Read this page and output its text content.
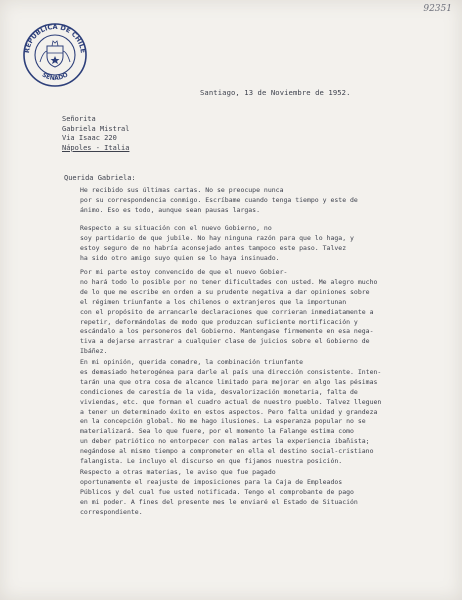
92351
REPUBLICA DE CHILE
SENADO
Santiago, 13 de Noviembre de 1952.
Señorita
Gabriela Mistral
Via Isaac 220
Nápoles - Italia
Querida Gabriela:
He recibido sus últimas cartas. No se preocupe nunca
por su correspondencia conmigo. Escríbame cuando tenga tiempo y este de
ánimo. Eso es todo, aunque sean pausas largas.
Respecto a su situación con el nuevo Gobierno, no
soy partidario de que jubile. No hay ninguna razón para que lo haga, y
estoy seguro de no habría aconsejado antes tampoco este paso. Talvez
ha sido otro amigo suyo quien se lo haya insinuado.
Por mi parte estoy convencido de que el nuevo Gobier-
no hará todo lo posible por no tener dificultades con usted. Me alegro mucho
de lo que me escribe en orden a su prudente negativa a dar opiniones sobre
el régimen triunfante a los chilenos o extranjeros que la importunan
con el propósito de arrancarle declaraciones que corrieran inmediatamente a
repetir, deformándolas de modo que produzcan suficiente mortificación y
escándalo a los personeros del Gobierno. Mantengase firmemente en esa nega-
tiva a dejarse arrastrar a cualquier clase de juicios sobre el Gobierno de
Ibáñez.
En mi opinión, querida comadre, la combinación triunfante
es demasiado heterogénea para darle al país una dirección consistente. Inten-
tarán una que otra cosa de alcance limitado para mejorar en algo las pésimas
condiciones de carestía de la vida, desvalorización monetaria, falta de
viviendas, etc. que forman el cuadro actual de nuestro pueblo. Talvez lleguen
a tener un determinado éxito en estos aspectos. Pero falta unidad y grandeza
en la concepción global. No me hago ilusiones. La esperanza popular no se
materializará. Sea lo que fuere, por el momento la Falange estima como
un deber patriótico no entorpecer con malas artes la experiencia ibañista;
negándose al mismo tiempo a comprometer en ella el destino social-cristiano
falangista. Le incluyo el discurso en que fijamos nuestra posición.
Respecto a otras materias, le aviso que fue pagado
oportunamente el reajuste de imposiciones para la Caja de Empleados
Públicos y del cual fue usted notificada. Tengo el comprobante de pago
en mi poder. A fines del presente mes le enviaré el Estado de Situación
correspondiente.
